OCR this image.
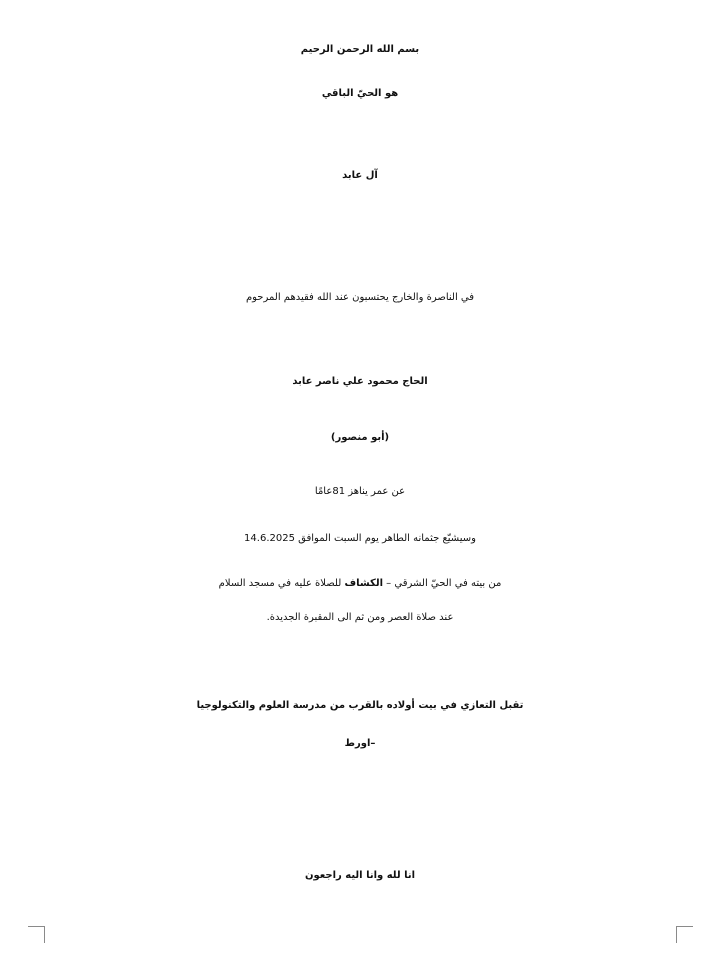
بسم الله الرحمن الرحيم
هو الحيّ الباقي
آل عابد
في الناصرة والخارج يحتسبون عند الله فقيدهم المرحوم
الحاج محمود علي ناصر عابد
(أبو منصور)
عن عمر يناهز 81عامًا
وسيشيّع جثمانه الطاهر يوم السبت الموافق 14.6.2025
من بيته في الحيّ الشرقي – الكشاف للصلاة عليه في مسجد السلام
عند صلاة العصر ومن ثم الى المقبرة الجديدة.
تقبل التعازي في بيت أولاده بالقرب من مدرسة العلوم والتكنولوجيا
–اورط
انا لله وانا اليه راجعون
